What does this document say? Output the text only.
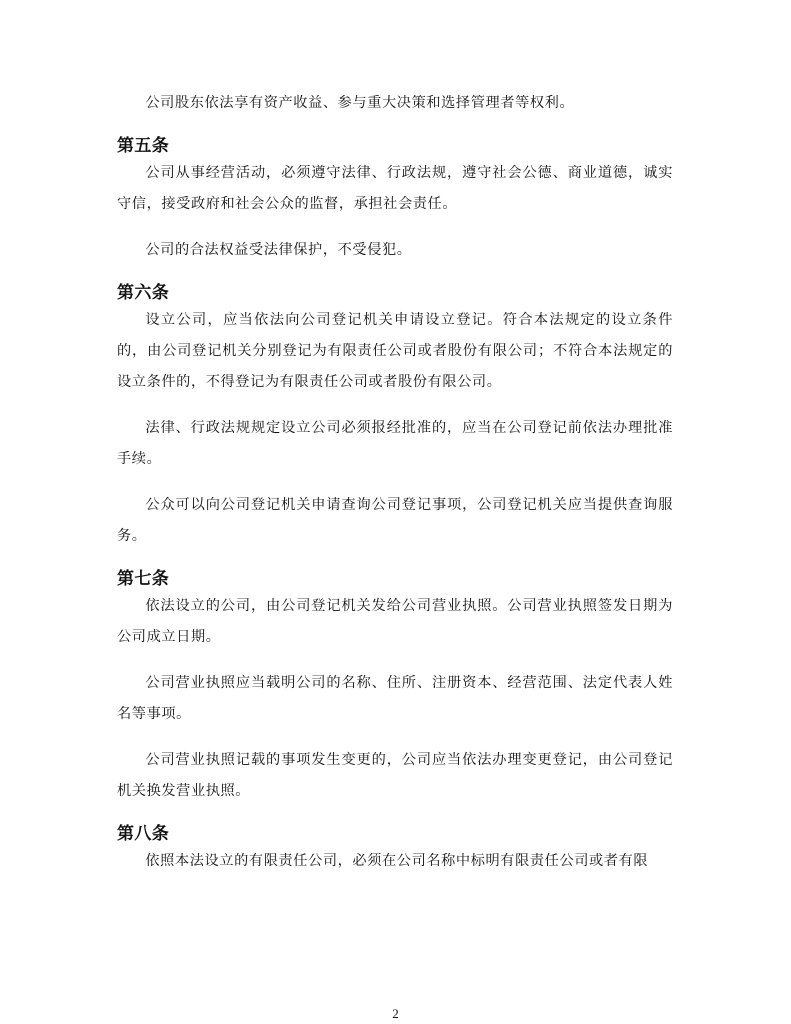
公司股东依法享有资产收益、参与重大决策和选择管理者等权利。

第五条

公司从事经营活动，必须遵守法律、行政法规，遵守社会公德、商业道德，诚实守信，接受政府和社会公众的监督，承担社会责任。

公司的合法权益受法律保护，不受侵犯。

第六条

设立公司，应当依法向公司登记机关申请设立登记。符合本法规定的设立条件的，由公司登记机关分别登记为有限责任公司或者股份有限公司；不符合本法规定的设立条件的，不得登记为有限责任公司或者股份有限公司。

法律、行政法规规定设立公司必须报经批准的，应当在公司登记前依法办理批准手续。

公众可以向公司登记机关申请查询公司登记事项，公司登记机关应当提供查询服务。

第七条

依法设立的公司，由公司登记机关发给公司营业执照。公司营业执照签发日期为公司成立日期。

公司营业执照应当载明公司的名称、住所、注册资本、经营范围、法定代表人姓名等事项。

公司营业执照记载的事项发生变更的，公司应当依法办理变更登记，由公司登记机关换发营业执照。

第八条

依照本法设立的有限责任公司，必须在公司名称中标明有限责任公司或者有限

2
